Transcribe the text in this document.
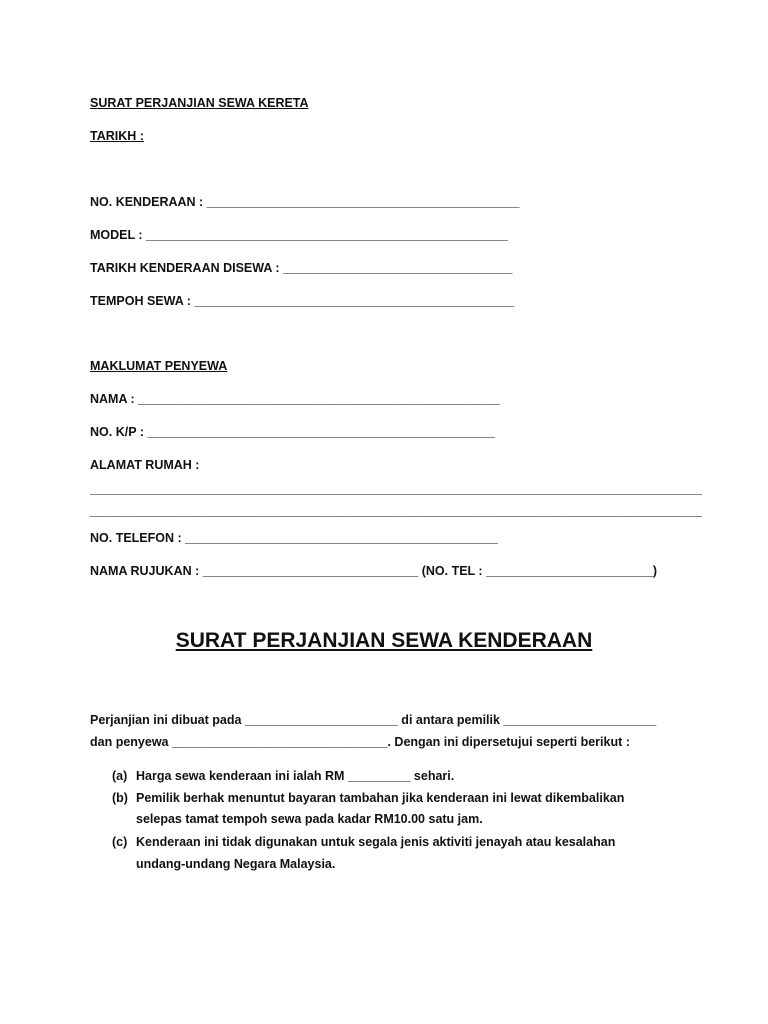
SURAT PERJANJIAN SEWA KERETA
TARIKH :
NO. KENDERAAN : _____________________________________________
MODEL : ____________________________________________________
TARIKH KENDERAAN DISEWA : _________________________________
TEMPOH SEWA : ______________________________________________
MAKLUMAT PENYEWA
NAMA : ____________________________________________________
NO. K/P : __________________________________________________
ALAMAT RUMAH :
________________________________________________________________________________________
________________________________________________________________________________________
NO. TELEFON : _____________________________________________
NAMA RUJUKAN : _______________________________ (NO. TEL : ________________________)
SURAT PERJANJIAN SEWA KENDERAAN
Perjanjian ini dibuat pada ______________________ di antara pemilik ______________________
dan penyewa _______________________________. Dengan ini dipersetujui seperti berikut :
(a) Harga sewa kenderaan ini ialah RM _________ sehari.
(b) Pemilik berhak menuntut bayaran tambahan jika kenderaan ini lewat dikembalikan
selepas tamat tempoh sewa pada kadar RM10.00 satu jam.
(c) Kenderaan ini tidak digunakan untuk segala jenis aktiviti jenayah atau kesalahan
undang-undang Negara Malaysia.
